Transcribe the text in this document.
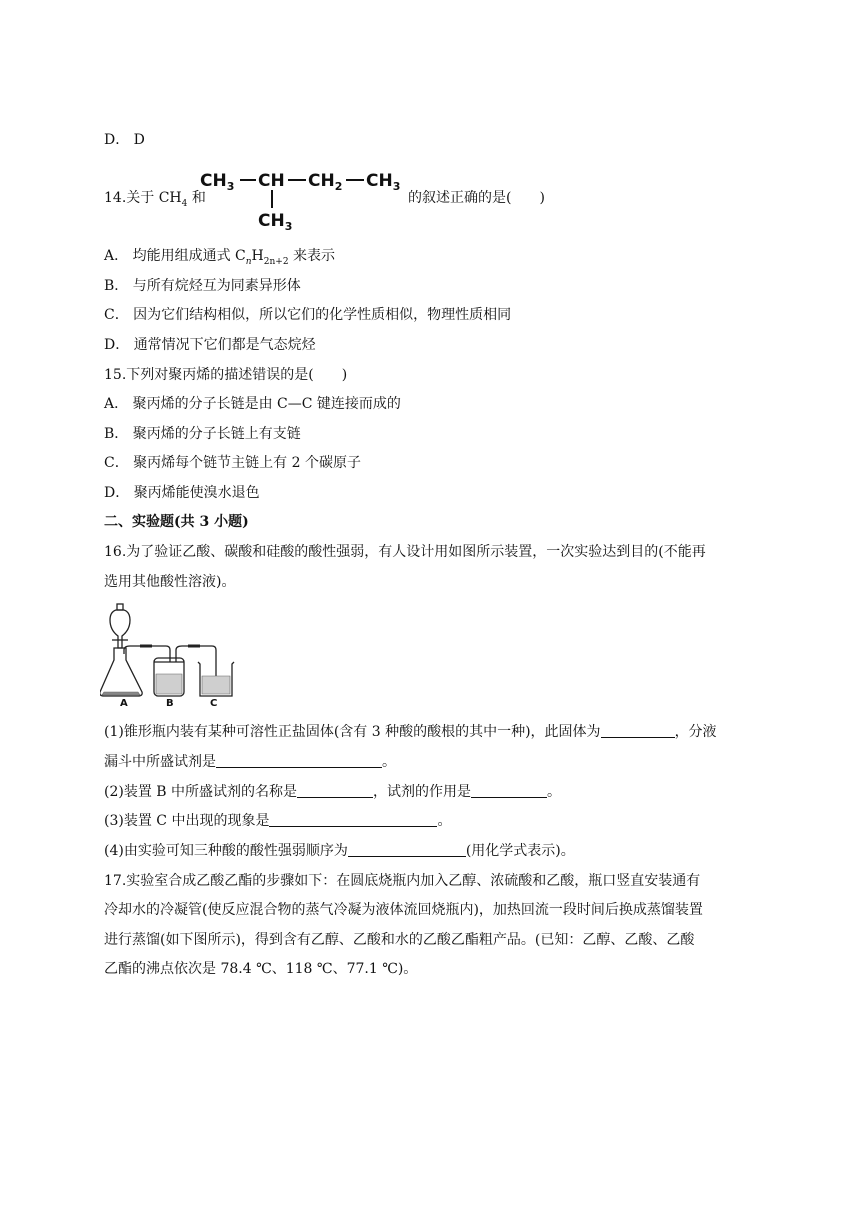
D． D
14.关于 $CH_4$ 和
$CH_3$ CH $CH_2$ $CH_3$
$CH_3$
的叙述正确的是(　　)
A． 均能用组成通式 $C_nH_{2n+2}$ 来表示
B． 与所有烷烃互为同素异形体
C． 因为它们结构相似，所以它们的化学性质相似，物理性质相同
D． 通常情况下它们都是气态烷烃
15.下列对聚丙烯的描述错误的是(　　)
A． 聚丙烯的分子长链是由 C—C 键连接而成的
B． 聚丙烯的分子长链上有支链
C． 聚丙烯每个链节主链上有 2 个碳原子
D． 聚丙烯能使溴水退色
二、实验题(共 3 小题)
16.为了验证乙酸、碳酸和硅酸的酸性强弱，有人设计用如图所示装置，一次实验达到目的(不能再
选用其他酸性溶液)。
A	B	C
(1)锥形瓶内装有某种可溶性正盐固体(含有 3 种酸的酸根的其中一种)，此固体为	，分液
漏斗中所盛试剂是	。
(2)装置 B 中所盛试剂的名称是	，试剂的作用是	。
(3)装置 C 中出现的现象是	。
(4)由实验可知三种酸的酸性强弱顺序为	(用化学式表示)。
17.实验室合成乙酸乙酯的步骤如下：在圆底烧瓶内加入乙醇、浓硫酸和乙酸，瓶口竖直安装通有
冷却水的冷凝管(使反应混合物的蒸气冷凝为液体流回烧瓶内)，加热回流一段时间后换成蒸馏装置
进行蒸馏(如下图所示)，得到含有乙醇、乙酸和水的乙酸乙酯粗产品。(已知：乙醇、乙酸、乙酸
乙酯的沸点依次是 78.4 ℃、118 ℃、77.1 ℃)。
